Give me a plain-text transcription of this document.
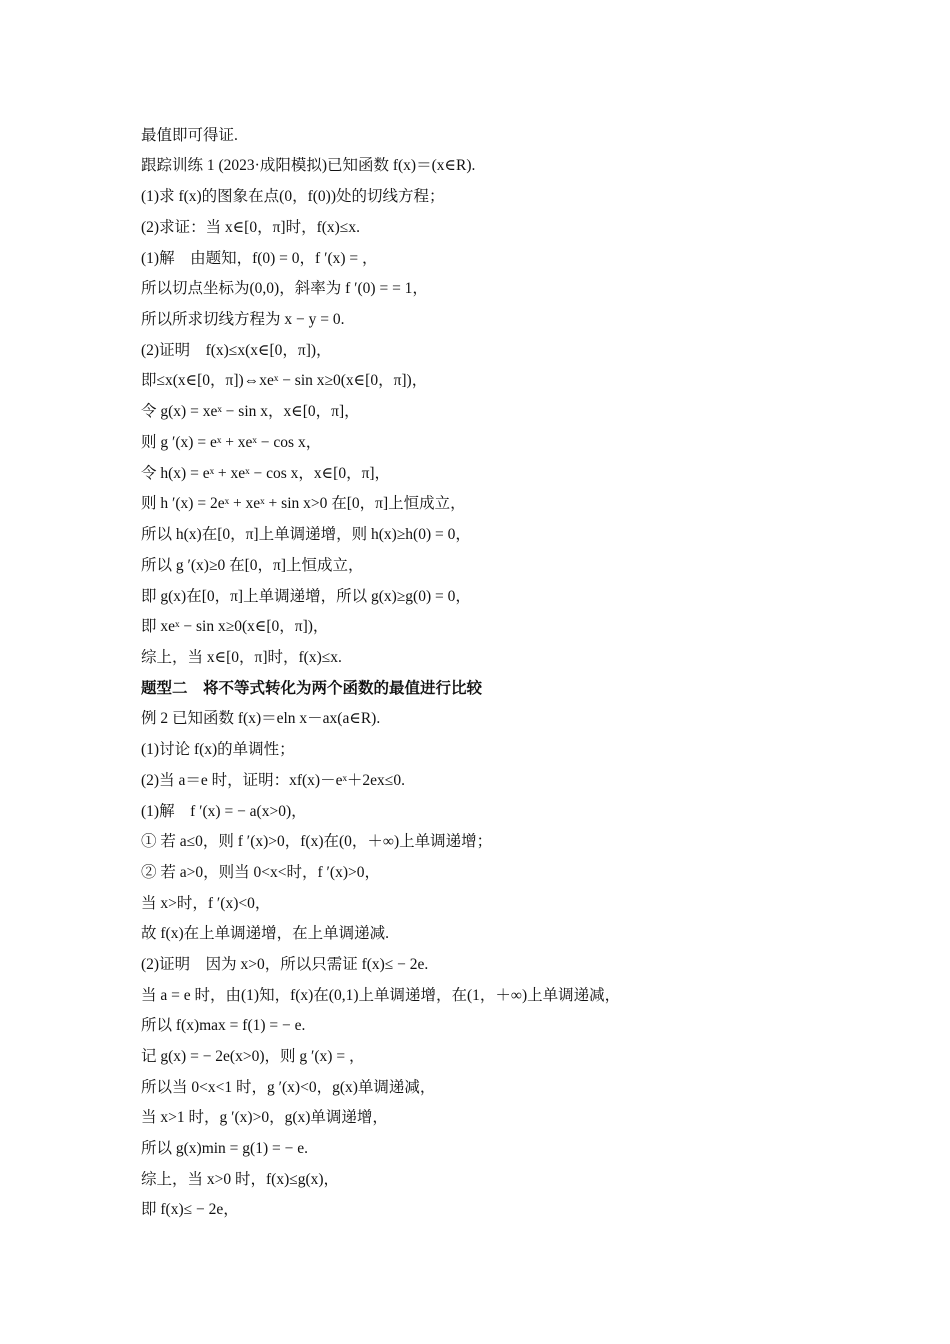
最值即可得证.
跟踪训练 1 (2023·成阳模拟)已知函数 f(x)＝(x∈R).
(1)求 f(x)的图象在点(0，f(0))处的切线方程；
(2)求证：当 x∈[0，π]时，f(x)≤x.
(1)解　由题知，f(0) = 0，f ′(x) = ，
所以切点坐标为(0,0)，斜率为 f ′(0) = = 1，
所以所求切线方程为 x − y = 0.
(2)证明　f(x)≤x(x∈[0，π])，
即≤x(x∈[0，π])⇔xeˣ − sin x≥0(x∈[0，π])，
令 g(x) = xeˣ − sin x，x∈[0，π]，
则 g ′(x) = eˣ + xeˣ − cos x，
令 h(x) = eˣ + xeˣ − cos x，x∈[0，π]，
则 h ′(x) = 2eˣ + xeˣ + sin x>0 在[0，π]上恒成立，
所以 h(x)在[0，π]上单调递增，则 h(x)≥h(0) = 0，
所以 g ′(x)≥0 在[0，π]上恒成立，
即 g(x)在[0，π]上单调递增，所以 g(x)≥g(0) = 0，
即 xeˣ − sin x≥0(x∈[0，π])，
综上，当 x∈[0，π]时，f(x)≤x.
题型二　将不等式转化为两个函数的最值进行比较
例 2 已知函数 f(x)＝eln x－ax(a∈R).
(1)讨论 f(x)的单调性；
(2)当 a＝e 时，证明：xf(x)－eˣ＋2ex≤0.
(1)解　f ′(x) = − a(x>0)，
① 若 a≤0，则 f ′(x)>0，f(x)在(0，＋∞)上单调递增；
② 若 a>0，则当 0<x<时，f ′(x)>0，
当 x>时，f ′(x)<0，
故 f(x)在上单调递增，在上单调递减.
(2)证明　因为 x>0，所以只需证 f(x)≤ − 2e.
当 a = e 时，由(1)知，f(x)在(0,1)上单调递增，在(1，＋∞)上单调递减，
所以 f(x)max = f(1) = − e.
记 g(x) = − 2e(x>0)，则 g ′(x) = ，
所以当 0<x<1 时，g ′(x)<0，g(x)单调递减，
当 x>1 时，g ′(x)>0，g(x)单调递增，
所以 g(x)min = g(1) = − e.
综上，当 x>0 时，f(x)≤g(x)，
即 f(x)≤ − 2e，
